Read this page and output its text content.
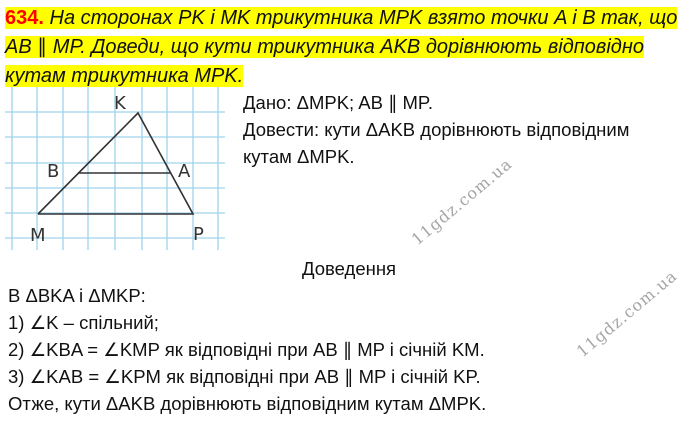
634. На сторонах PK і MK трикутника MPK взято точки A і B так, що
AB ∥ MP. Доведи, що кути трикутника AKB дорівнюють відповідно
кутам трикутника MPK.
K
B	A
M	P
Дано: ΔMPK; AB ∥ MP.
Довести: кути ΔAKB дорівнюють відповідним
кутам ΔMPK.
Доведення
В ΔBKA і ΔMKP:
1) ∠K – спільний;
2) ∠KBA = ∠KMP як відповідні при AB ∥ MP і січній KM.
3) ∠KAB = ∠KPM як відповідні при AB ∥ MP і січній KP.
Отже, кути ΔAKB дорівнюють відповідним кутам ΔMPK.
11gdz.com.ua
11gdz.com.ua
